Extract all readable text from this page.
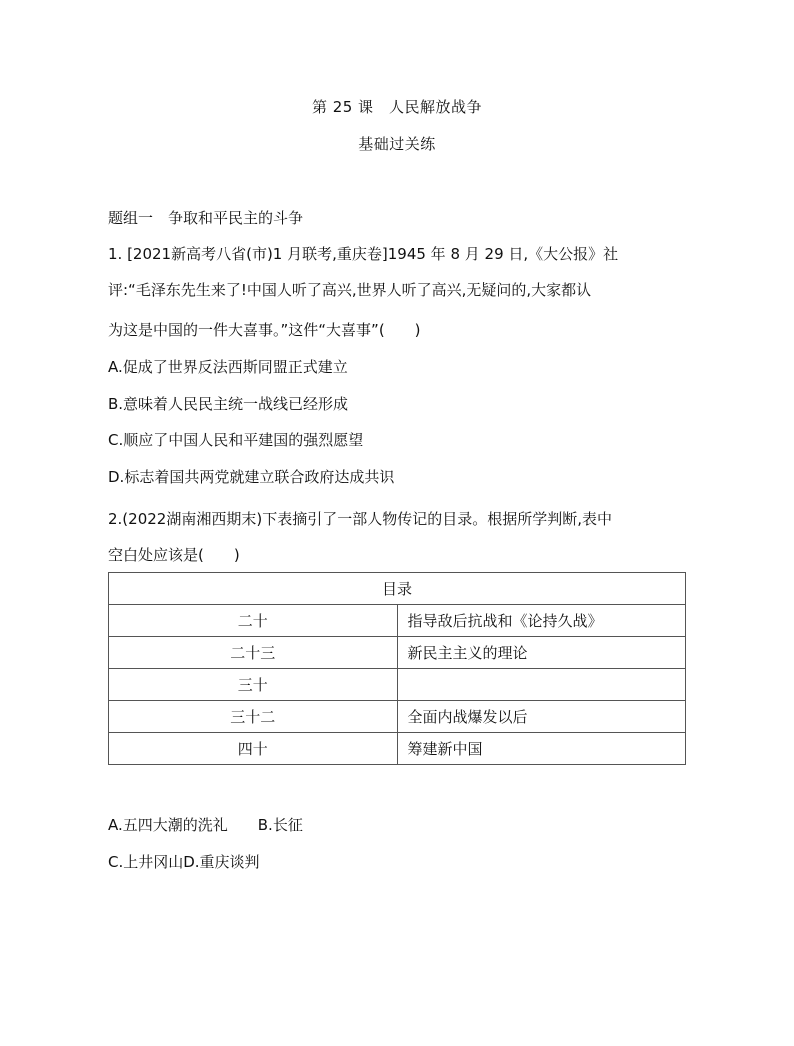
第 25 课　人民解放战争
基础过关练
题组一　争取和平民主的斗争
1. [2021新高考八省(市)1 月联考,重庆卷]1945 年 8 月 29 日,《大公报》社
评:“毛泽东先生来了!中国人听了高兴,世界人听了高兴,无疑问的,大家都认
为这是中国的一件大喜事。”这件“大喜事”(　　)
A.促成了世界反法西斯同盟正式建立
B.意味着人民民主统一战线已经形成
C.顺应了中国人民和平建国的强烈愿望
D.标志着国共两党就建立联合政府达成共识
2.(2022湖南湘西期末)下表摘引了一部人物传记的目录。根据所学判断,表中
空白处应该是(　　)
目录	
二十	指导敌后抗战和《论持久战》
二十三	新民主主义的理论
三十	
三十二	全面内战爆发以后
四十	筹建新中国
A.五四大潮的洗礼　　B.长征
C.上井冈山D.重庆谈判
